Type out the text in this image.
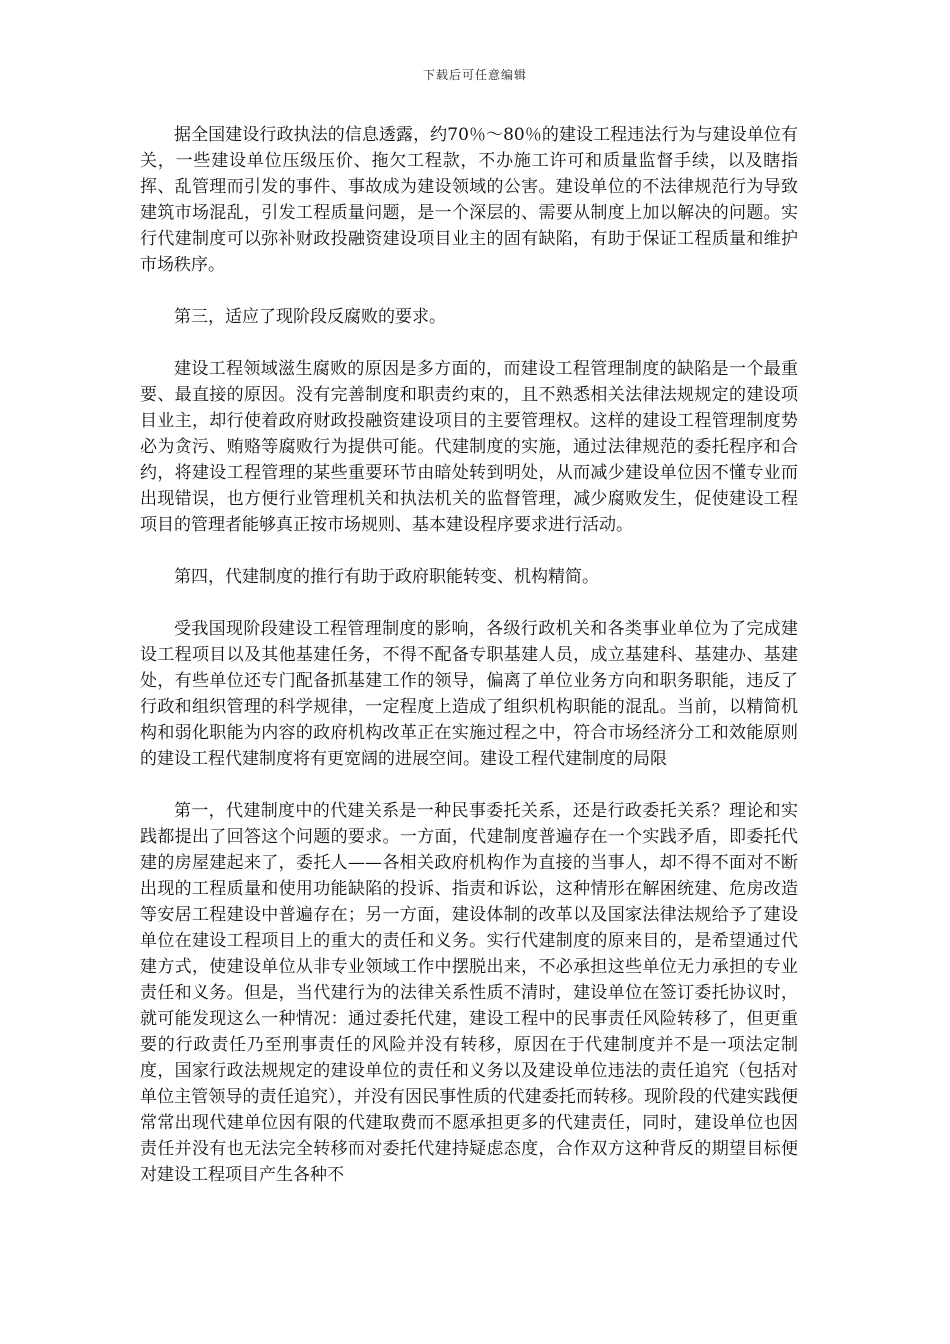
下载后可任意编辑

据全国建设行政执法的信息透露，约70％～80％的建设工程违法行为与建设单位有关，一些建设单位压级压价、拖欠工程款，不办施工许可和质量监督手续，以及瞎指挥、乱管理而引发的事件、事故成为建设领域的公害。建设单位的不法律规范行为导致建筑市场混乱，引发工程质量问题，是一个深层的、需要从制度上加以解决的问题。实行代建制度可以弥补财政投融资建设项目业主的固有缺陷，有助于保证工程质量和维护市场秩序。

第三，适应了现阶段反腐败的要求。

建设工程领域滋生腐败的原因是多方面的，而建设工程管理制度的缺陷是一个最重要、最直接的原因。没有完善制度和职责约束的，且不熟悉相关法律法规规定的建设项目业主，却行使着政府财政投融资建设项目的主要管理权。这样的建设工程管理制度势必为贪污、贿赂等腐败行为提供可能。代建制度的实施，通过法律规范的委托程序和合约，将建设工程管理的某些重要环节由暗处转到明处，从而减少建设单位因不懂专业而出现错误，也方便行业管理机关和执法机关的监督管理，减少腐败发生，促使建设工程项目的管理者能够真正按市场规则、基本建设程序要求进行活动。

第四，代建制度的推行有助于政府职能转变、机构精简。

受我国现阶段建设工程管理制度的影响，各级行政机关和各类事业单位为了完成建设工程项目以及其他基建任务，不得不配备专职基建人员，成立基建科、基建办、基建处，有些单位还专门配备抓基建工作的领导，偏离了单位业务方向和职务职能，违反了行政和组织管理的科学规律，一定程度上造成了组织机构职能的混乱。当前，以精简机构和弱化职能为内容的政府机构改革正在实施过程之中，符合市场经济分工和效能原则的建设工程代建制度将有更宽阔的进展空间。建设工程代建制度的局限

第一，代建制度中的代建关系是一种民事委托关系，还是行政委托关系？理论和实践都提出了回答这个问题的要求。一方面，代建制度普遍存在一个实践矛盾，即委托代建的房屋建起来了，委托人——各相关政府机构作为直接的当事人，却不得不面对不断出现的工程质量和使用功能缺陷的投诉、指责和诉讼，这种情形在解困统建、危房改造等安居工程建设中普遍存在；另一方面，建设体制的改革以及国家法律法规给予了建设单位在建设工程项目上的重大的责任和义务。实行代建制度的原来目的，是希望通过代建方式，使建设单位从非专业领域工作中摆脱出来，不必承担这些单位无力承担的专业责任和义务。但是，当代建行为的法律关系性质不清时，建设单位在签订委托协议时，就可能发现这么一种情况：通过委托代建，建设工程中的民事责任风险转移了，但更重要的行政责任乃至刑事责任的风险并没有转移，原因在于代建制度并不是一项法定制度，国家行政法规规定的建设单位的责任和义务以及建设单位违法的责任追究（包括对单位主管领导的责任追究），并没有因民事性质的代建委托而转移。现阶段的代建实践便常常出现代建单位因有限的代建取费而不愿承担更多的代建责任，同时，建设单位也因责任并没有也无法完全转移而对委托代建持疑虑态度，合作双方这种背反的期望目标便对建设工程项目产生各种不
